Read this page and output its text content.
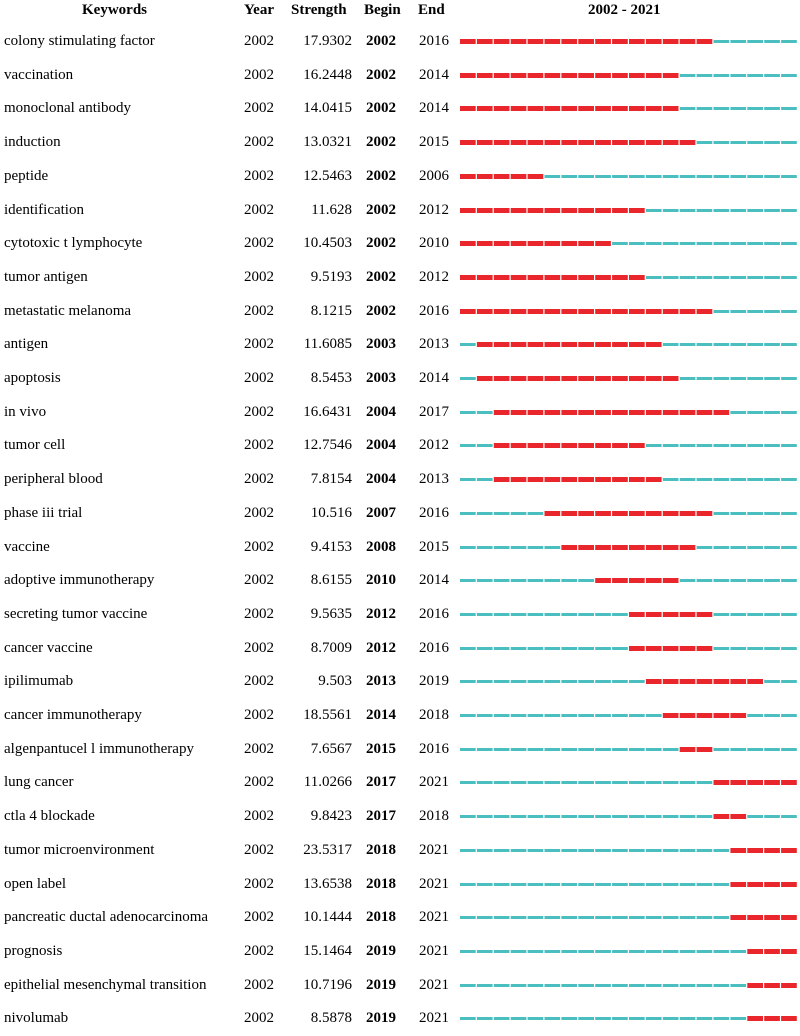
Keywords	Year Strength Begin End	2002 - 2021
colony stimulating factor	2002	17.9302 2002 2016
vaccination	2002	16.2448 2002 2014
monoclonal antibody	2002	14.0415 2002 2014
induction	2002	13.0321 2002 2015
peptide	2002	12.5463 2002 2006
identification	2002	11.628 2002 2012
cytotoxic t lymphocyte	2002	10.4503 2002 2010
tumor antigen	2002	9.5193 2002 2012
metastatic melanoma	2002	8.1215 2002 2016
antigen	2002	11.6085 2003 2013
apoptosis	2002	8.5453 2003 2014
in vivo	2002	16.6431 2004 2017
tumor cell	2002	12.7546 2004 2012
peripheral blood	2002	7.8154 2004 2013
phase iii trial	2002	10.516 2007 2016
vaccine	2002	9.4153 2008 2015
adoptive immunotherapy	2002	8.6155 2010 2014
secreting tumor vaccine	2002	9.5635 2012 2016
cancer vaccine	2002	8.7009 2012 2016
ipilimumab	2002	9.503 2013 2019
cancer immunotherapy	2002	18.5561 2014 2018
algenpantucel l immunotherapy	2002	7.6567 2015 2016
lung cancer	2002	11.0266 2017 2021
ctla 4 blockade	2002	9.8423 2017 2018
tumor microenvironment	2002	23.5317 2018 2021
open label	2002	13.6538 2018 2021
pancreatic ductal adenocarcinoma 2002	10.1444 2018 2021
prognosis	2002	15.1464 2019 2021
epithelial mesenchymal transition	2002	10.7196 2019 2021
nivolumab	2002	8.5878 2019 2021
